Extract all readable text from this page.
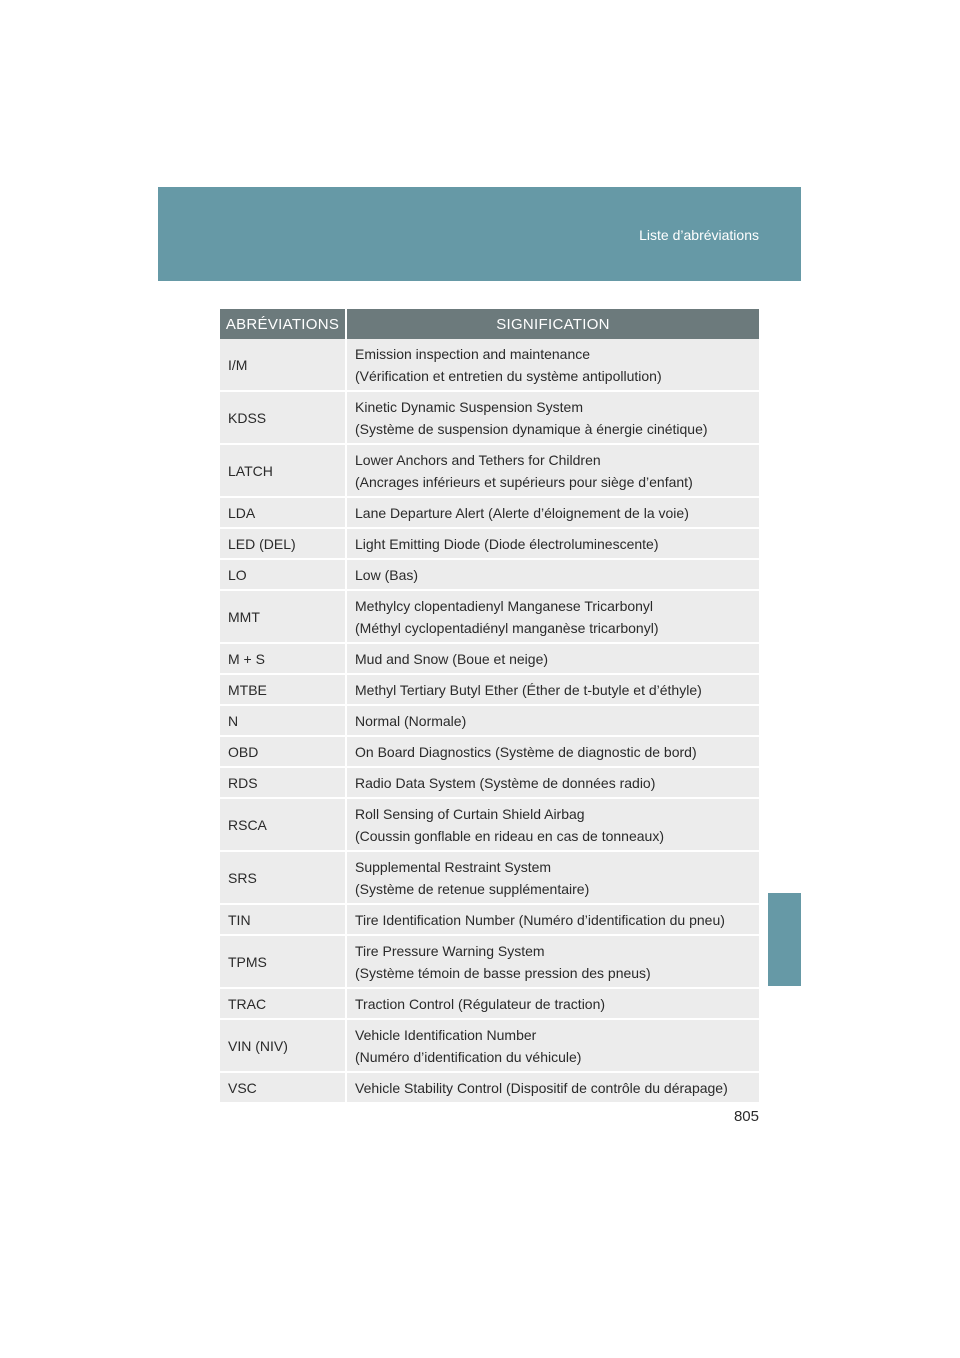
Liste d’abréviations
ABRÉVIATIONS	SIGNIFICATION
I/M	Emission inspection and maintenance
(Vérification et entretien du système antipollution)

KDSS	Kinetic Dynamic Suspension System
(Système de suspension dynamique à énergie cinétique)

LATCH	Lower Anchors and Tethers for Children
(Ancrages inférieurs et supérieurs pour siège d’enfant)

LDA	Lane Departure Alert (Alerte d’éloignement de la voie)

LED (DEL)	Light Emitting Diode (Diode électroluminescente)

LO	Low (Bas)

MMT	Methylcy clopentadienyl Manganese Tricarbonyl
(Méthyl cyclopentadiényl manganèse tricarbonyl)

M + S	Mud and Snow (Boue et neige)

MTBE	Methyl Tertiary Butyl Ether (Éther de t-butyle et d’éthyle)

N	Normal (Normale)

OBD	On Board Diagnostics (Système de diagnostic de bord)

RDS	Radio Data System (Système de données radio)

RSCA	Roll Sensing of Curtain Shield Airbag
(Coussin gonflable en rideau en cas de tonneaux)

SRS	Supplemental Restraint System
(Système de retenue supplémentaire)

TIN	Tire Identification Number (Numéro d’identification du pneu)

TPMS	Tire Pressure Warning System
(Système témoin de basse pression des pneus)

TRAC	Traction Control (Régulateur de traction)

VIN (NIV)	Vehicle Identification Number
(Numéro d’identification du véhicule)

VSC	Vehicle Stability Control (Dispositif de contrôle du dérapage)
805
